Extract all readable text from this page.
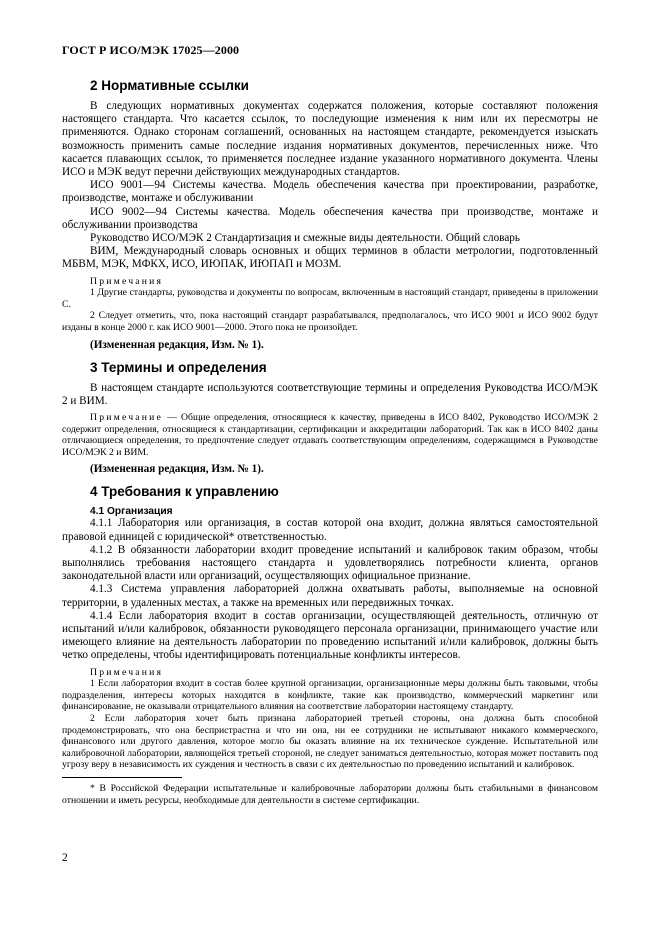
ГОСТ Р ИСО/МЭК 17025—2000
2 Нормативные ссылки

В следующих нормативных документах содержатся положения, которые составляют положения настоящего стандарта. Что касается ссылок, то последующие изменения к ним или их пересмотры не применяются. Однако сторонам соглашений, основанных на настоящем стандарте, рекомендуется изыскать возможность применить самые последние издания нормативных документов, перечисленных ниже. Что касается плавающих ссылок, то применяется последнее издание указанного нормативного документа. Члены ИСО и МЭК ведут перечни действующих международных стандартов.

ИСО 9001—94 Системы качества. Модель обеспечения качества при проектировании, разработке, производстве, монтаже и обслуживании

ИСО 9002—94 Системы качества. Модель обеспечения качества при производстве, монтаже и обслуживании производства

Руководство ИСО/МЭК 2 Стандартизация и смежные виды деятельности. Общий словарь

ВИМ, Международный словарь основных и общих терминов в области метрологии, подготовленный МБВМ, МЭК, МФКХ, ИСО, ИЮПАК, ИЮПАП и МОЗМ.

Примечания

1 Другие стандарты, руководства и документы по вопросам, включенным в настоящий стандарт, приведены в приложении С.

2 Следует отметить, что, пока настоящий стандарт разрабатывался, предполагалось, что ИСО 9001 и ИСО 9002 будут изданы в конце 2000 г. как ИСО 9001—2000. Этого пока не произойдет.

(Измененная редакция, Изм. № 1).

3 Термины и определения

В настоящем стандарте используются соответствующие термины и определения Руководства ИСО/МЭК 2 и ВИМ.

Примечание — Общие определения, относящиеся к качеству, приведены в ИСО 8402, Руководство ИСО/МЭК 2 содержит определения, относящиеся к стандартизации, сертификации и аккредитации лабораторий. Так как в ИСО 8402 даны отличающиеся определения, то предпочтение следует отдавать соответствующим определениям, содержащимся в Руководстве ИСО/МЭК 2 и ВИМ.

(Измененная редакция, Изм. № 1).

4 Требования к управлению

4.1 Организация

4.1.1 Лаборатория или организация, в состав которой она входит, должна являться самостоятельной правовой единицей с юридической* ответственностью.

4.1.2 В обязанности лаборатории входит проведение испытаний и калибровок таким образом, чтобы выполнялись требования настоящего стандарта и удовлетворялись потребности клиента, органов законодательной власти или организаций, осуществляющих официальное признание.

4.1.3 Система управления лабораторией должна охватывать работы, выполняемые на основной территории, в удаленных местах, а также на временных или передвижных точках.

4.1.4 Если лаборатория входит в состав организации, осуществляющей деятельность, отличную от испытаний и/или калибровок, обязанности руководящего персонала организации, принимающего участие или имеющего влияние на деятельность лаборатории по проведению испытаний и/или калибровок, должны быть четко определены, чтобы идентифицировать потенциальные конфликты интересов.

Примечания

1 Если лаборатория входит в состав более крупной организации, организационные меры должны быть таковыми, чтобы подразделения, интересы которых находятся в конфликте, такие как производство, коммерческий маркетинг или финансирование, не оказывали отрицательного влияния на соответствие лаборатории настоящему стандарту.

2 Если лаборатория хочет быть признана лабораторией третьей стороны, она должна быть способной продемонстрировать, что она беспристрастна и что ни она, ни ее сотрудники не испытывают никакого коммерческого, финансового или другого давления, которое могло бы оказать влияние на их техническое суждение. Испытательной или калибровочной лаборатории, являющейся третьей стороной, не следует заниматься деятельностью, которая может поставить под угрозу веру в независимость их суждения и честность в связи с их деятельностью по проведению испытаний и калибровок.

* В Российской Федерации испытательные и калибровочные лаборатории должны быть стабильными в финансовом отношении и иметь ресурсы, необходимые для деятельности в системе сертификации.

2
